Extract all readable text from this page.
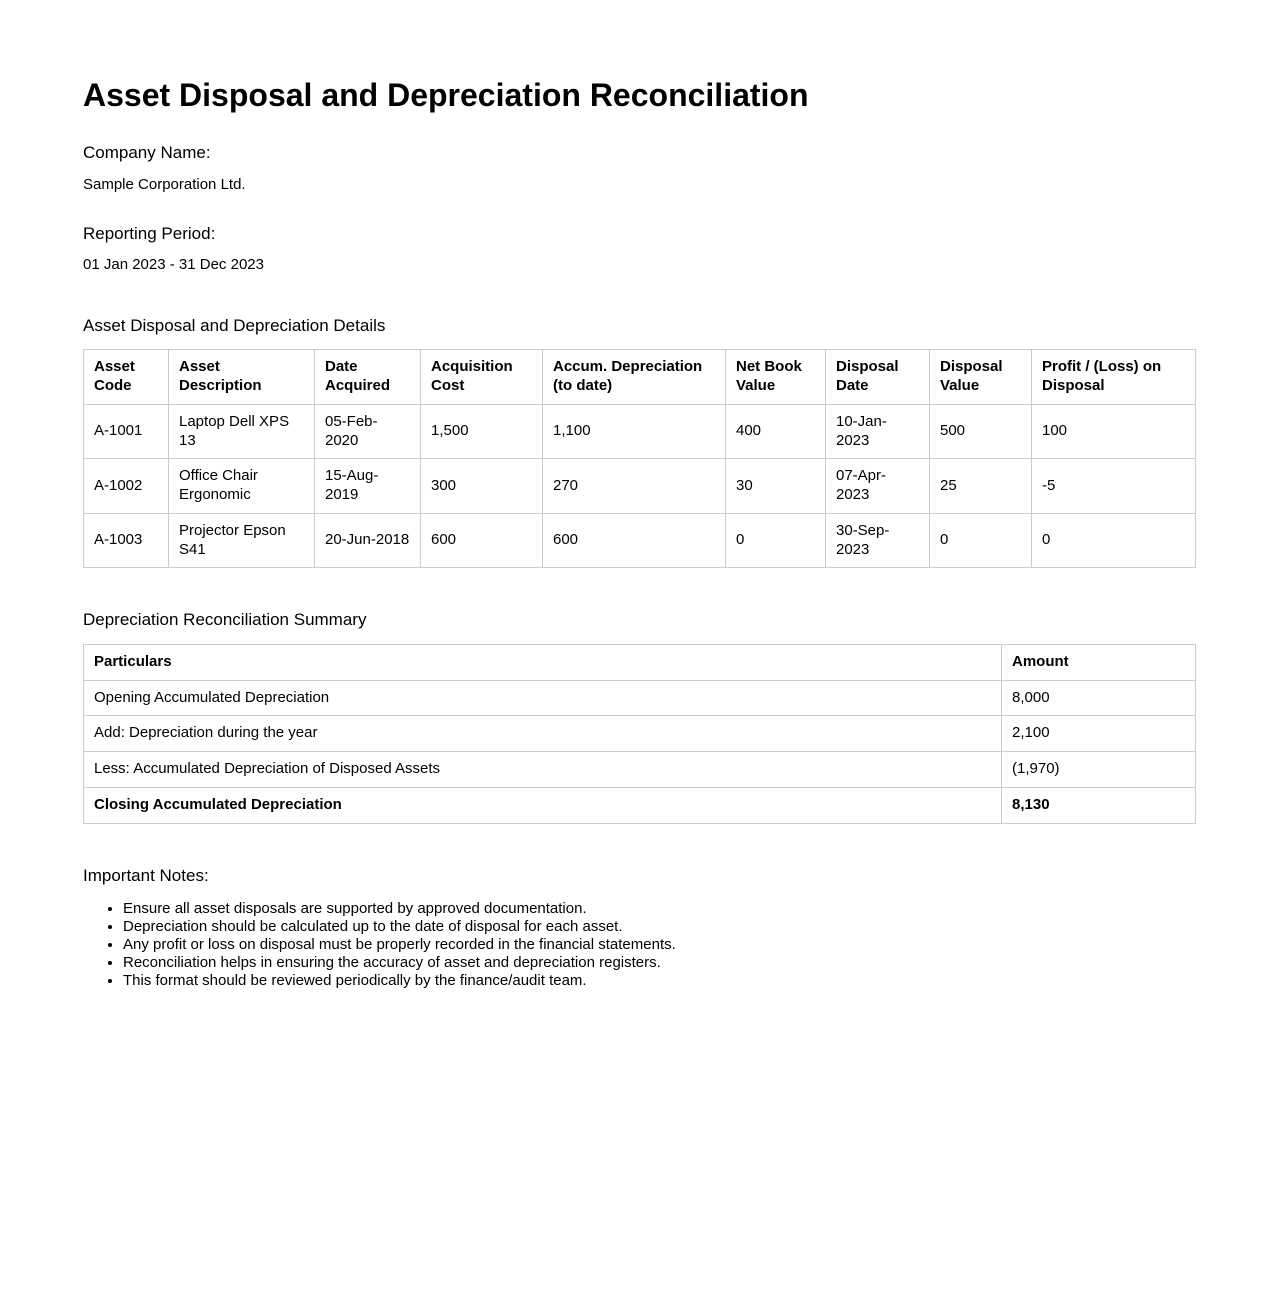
Asset Disposal and Depreciation Reconciliation

Company Name:

Sample Corporation Ltd.

Reporting Period:

01 Jan 2023 - 31 Dec 2023

Asset Disposal and Depreciation Details
Asset Code	Asset Description	Date Acquired	Acquisition Cost	Accum. Depreciation (to date)	Net Book Value	Disposal Date	Disposal Value	Profit / (Loss) on Disposal
A-1001	Laptop Dell XPS 13	05-Feb-2020	1,500	1,100	400	10-Jan-2023	500	100
A-1002	Office Chair Ergonomic	15-Aug-2019	300	270	30	07-Apr-2023	25	-5
A-1003	Projector Epson S41	20-Jun-2018	600	600	0	30-Sep-2023	0	0
Depreciation Reconciliation Summary
Particulars	Amount
Opening Accumulated Depreciation	8,000
Add: Depreciation during the year	2,100
Less: Accumulated Depreciation of Disposed Assets	(1,970)
Closing Accumulated Depreciation	8,130
Important Notes:
• Ensure all asset disposals are supported by approved documentation.
• Depreciation should be calculated up to the date of disposal for each asset.
• Any profit or loss on disposal must be properly recorded in the financial statements.
• Reconciliation helps in ensuring the accuracy of asset and depreciation registers.
• This format should be reviewed periodically by the finance/audit team.
